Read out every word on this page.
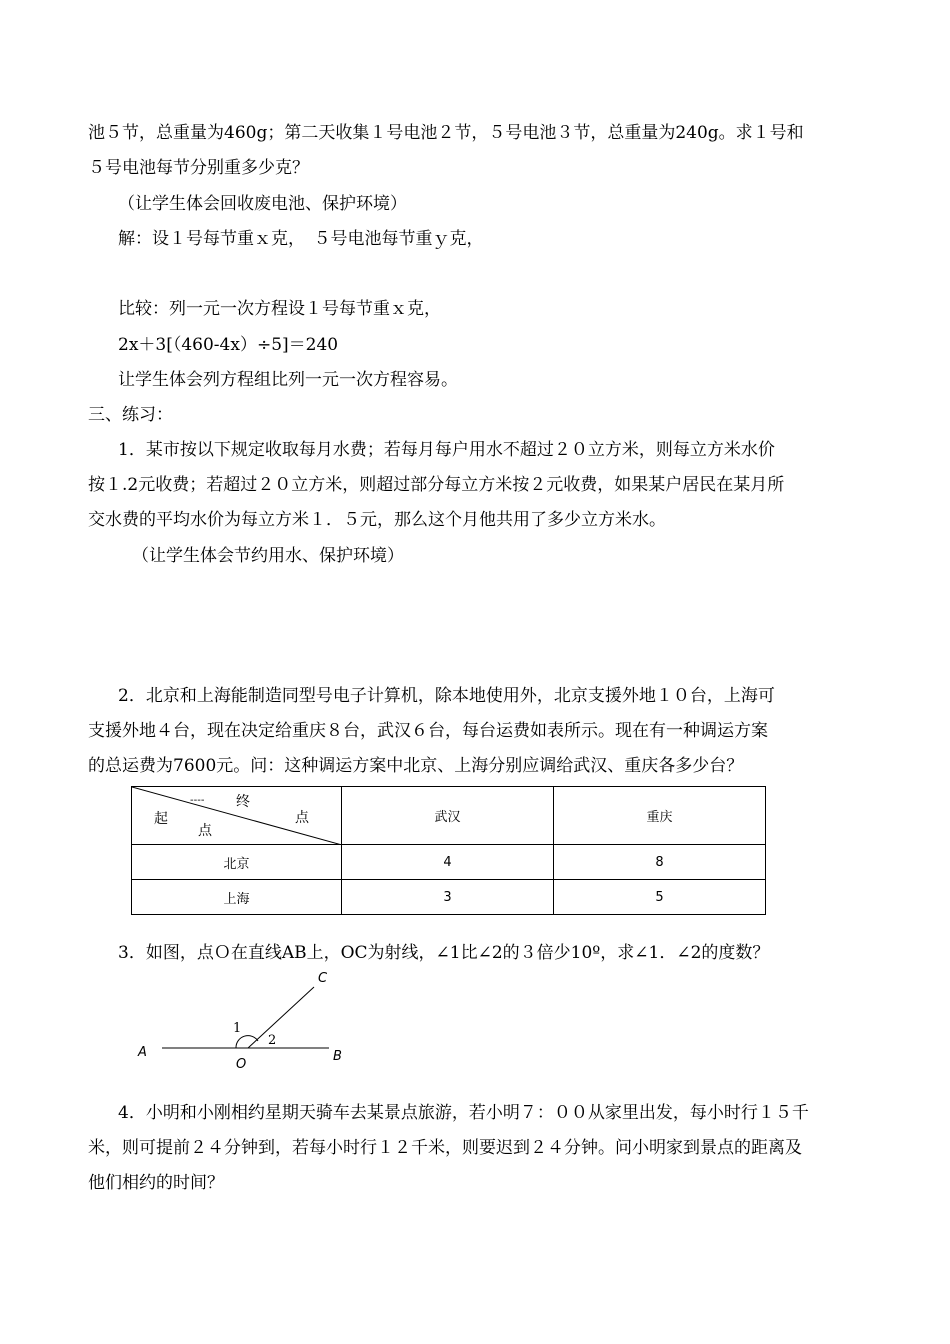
池５节，总重量为460g；第二天收集１号电池２节，５号电池３节，总重量为240g。求１号和
５号电池每节分别重多少克？
（让学生体会回收废电池、保护环境）
解：设１号每节重ｘ克，　５号电池每节重ｙ克，
比较：列一元一次方程设１号每节重ｘ克，
2x＋3[（460-4x）÷5]＝240
让学生体会列方程组比列一元一次方程容易。
三、练习：
1．某市按以下规定收取每月水费；若每月每户用水不超过２０立方米，则每立方米水价
按１.2元收费；若超过２０立方米，则超过部分每立方米按２元收费，如果某户居民在某月所
交水费的平均水价为每立方米１．５元，那么这个月他共用了多少立方米水。
（让学生体会节约用水、保护环境）
2．北京和上海能制造同型号电子计算机，除本地使用外，北京支援外地１０台，上海可
支援外地４台，现在决定给重庆８台，武汉６台，每台运费如表所示。现在有一种调运方案
的总运费为7600元。问：这种调运方案中北京、上海分别应调给武汉、重庆各多少台？
---- 终
点
起
点	武汉	重庆
北京	4	8
上海	3	5
3．如图，点Ｏ在直线AB上，OC为射线，∠1比∠2的３倍少10º，求∠1．∠2的度数？
A	B
O
C
1
2
4．小明和小刚相约星期天骑车去某景点旅游，若小明７：００从家里出发，每小时行１５千
米，则可提前２４分钟到，若每小时行１２千米，则要迟到２４分钟。问小明家到景点的距离及
他们相约的时间？
